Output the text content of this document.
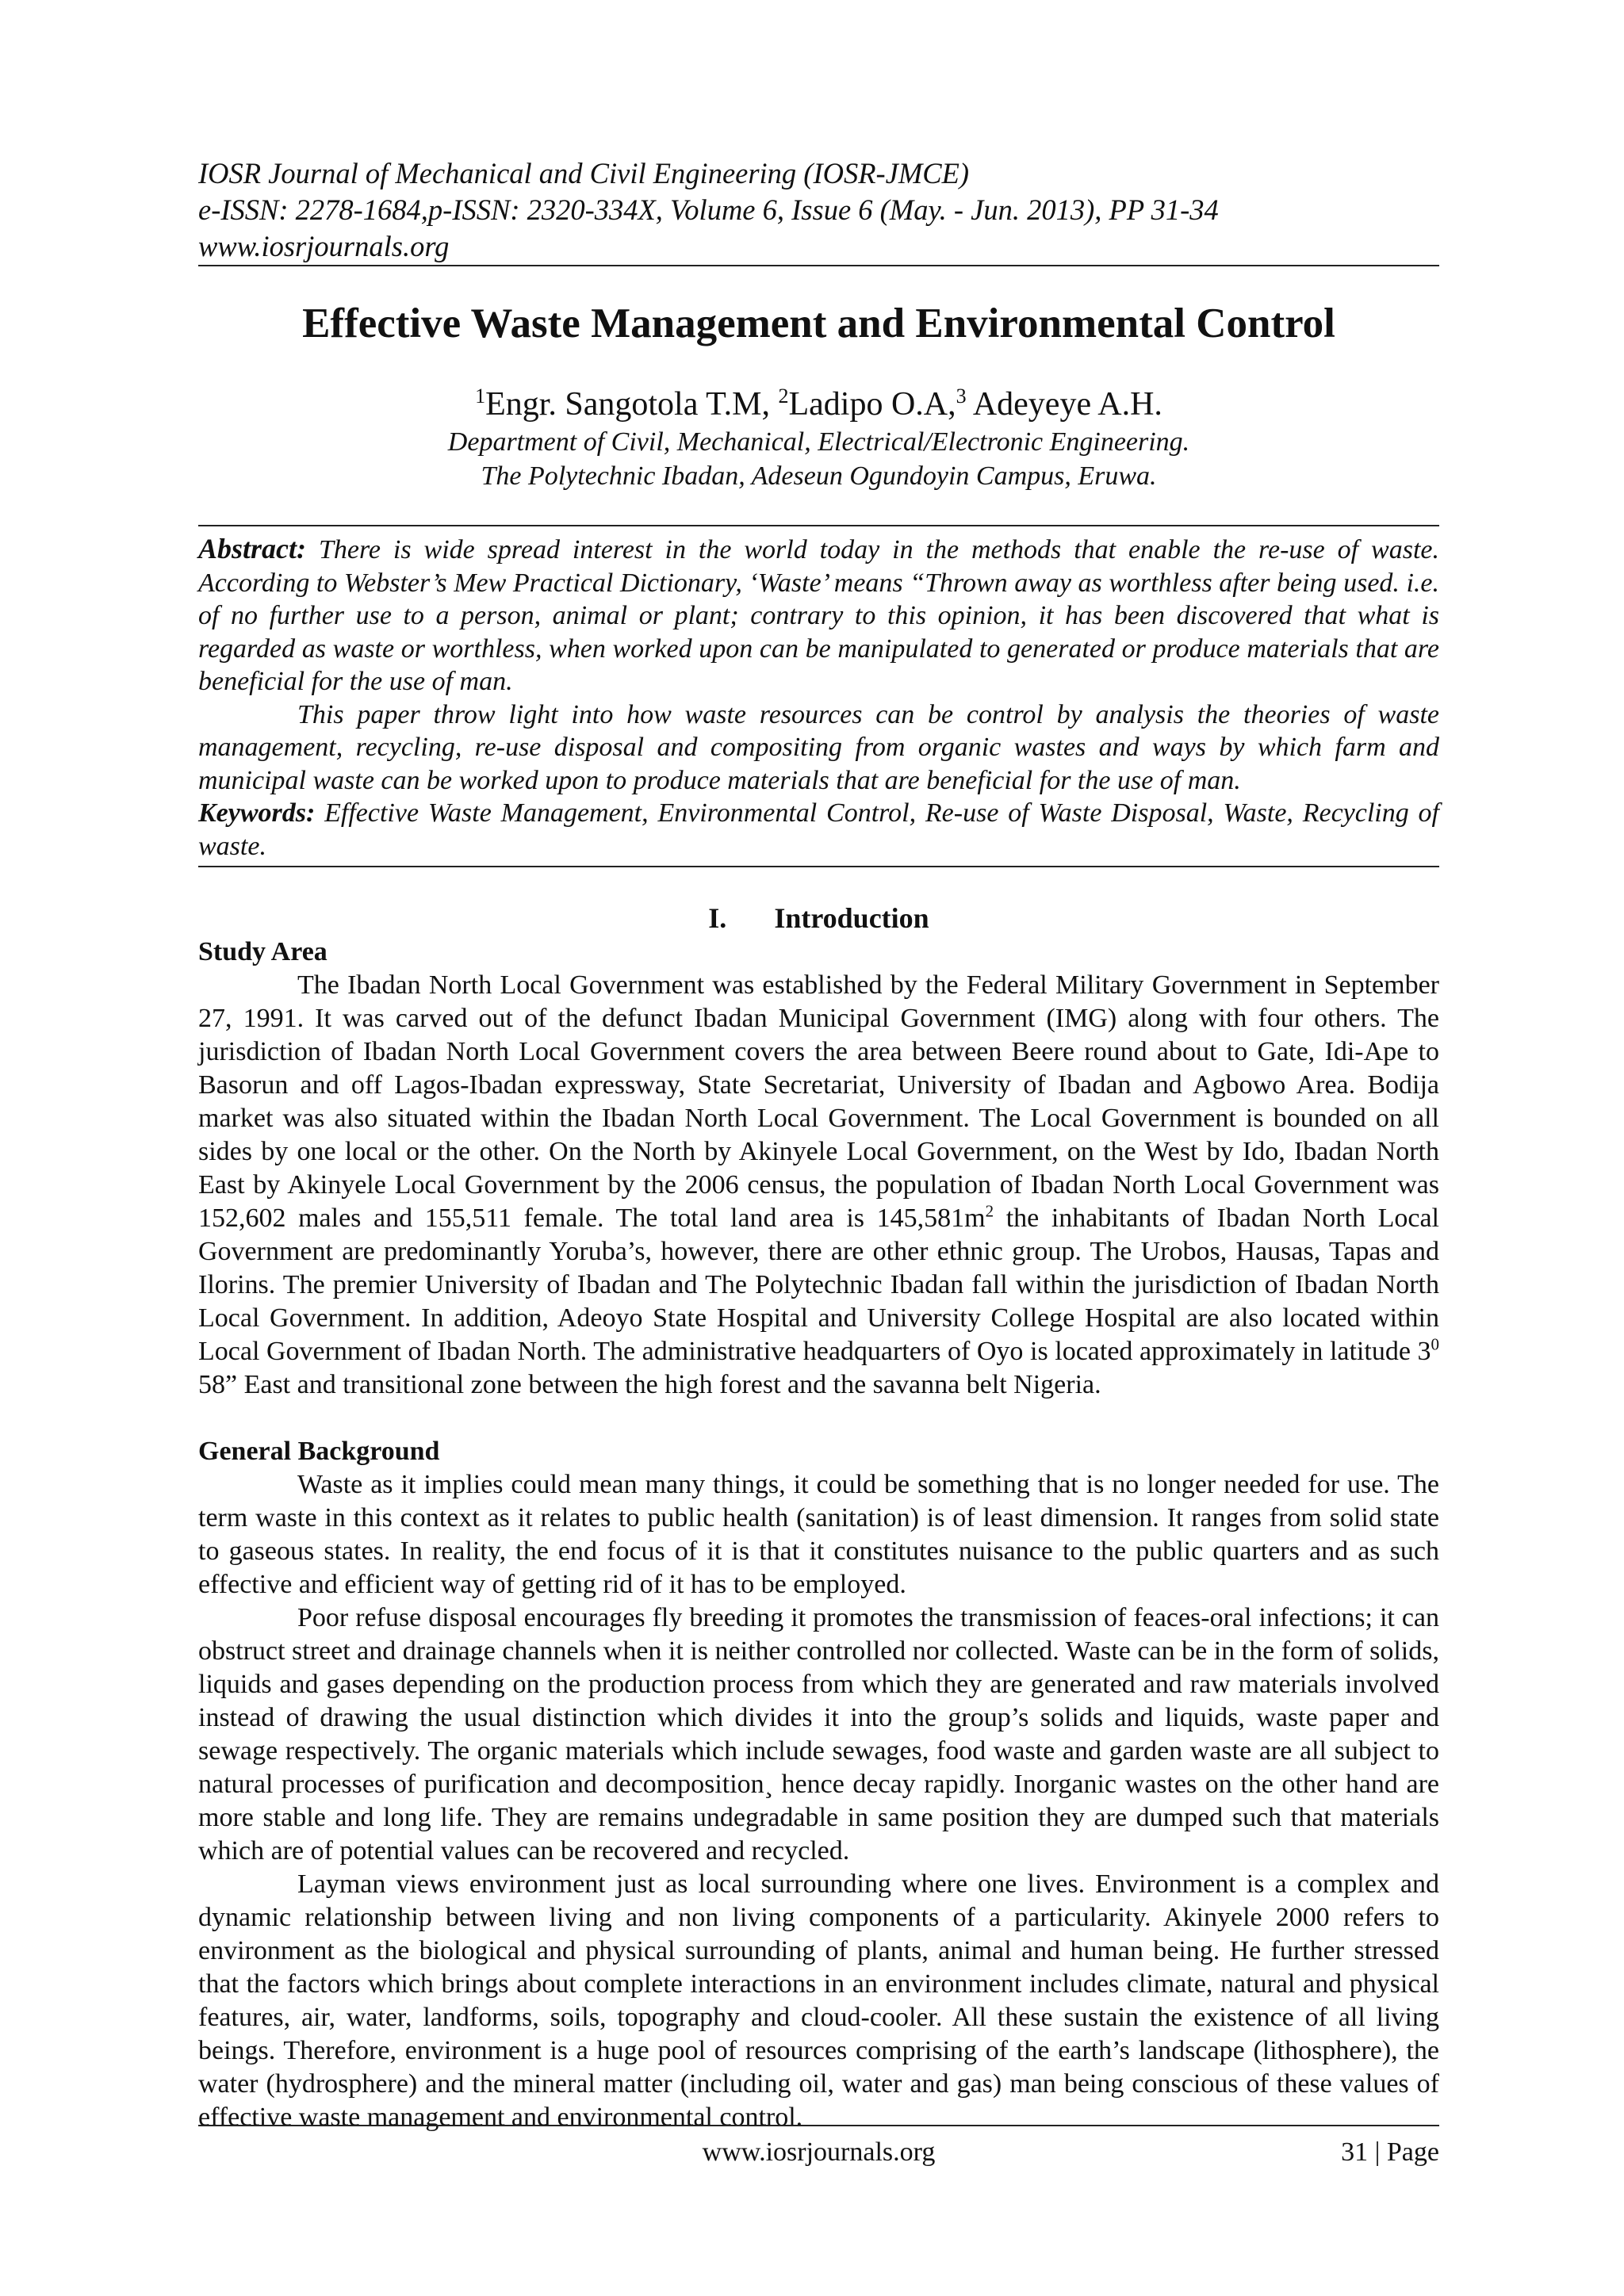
IOSR Journal of Mechanical and Civil Engineering (IOSR-JMCE)
e-ISSN: 2278-1684,p-ISSN: 2320-334X, Volume 6, Issue 6 (May. - Jun. 2013), PP 31-34
www.iosrjournals.org
Effective Waste Management and Environmental Control
$^1$Engr. Sangotola T.M, $^2$Ladipo O.A,$^3$ Adeyeye A.H.
Department of Civil, Mechanical, Electrical/Electronic Engineering.
The Polytechnic Ibadan, Adeseun Ogundoyin Campus, Eruwa.

Abstract: There is wide spread interest in the world today in the methods that enable the re-use of waste. According to Webster’s Mew Practical Dictionary, ‘Waste’ means “Thrown away as worthless after being used. i.e. of no further use to a person, animal or plant; contrary to this opinion, it has been discovered that what is regarded as waste or worthless, when worked upon can be manipulated to generated or produce materials that are beneficial for the use of man.

This paper throw light into how waste resources can be control by analysis the theories of waste management, recycling, re-use disposal and compositing from organic wastes and ways by which farm and municipal waste can be worked upon to produce materials that are beneficial for the use of man.

Keywords: Effective Waste Management, Environmental Control, Re-use of Waste Disposal, Waste, Recycling of waste.

I. Introduction
Study Area

The Ibadan North Local Government was established by the Federal Military Government in September 27, 1991. It was carved out of the defunct Ibadan Municipal Government (IMG) along with four others. The jurisdiction of Ibadan North Local Government covers the area between Beere round about to Gate, Idi-Ape to Basorun and off Lagos-Ibadan expressway, State Secretariat, University of Ibadan and Agbowo Area. Bodija market was also situated within the Ibadan North Local Government. The Local Government is bounded on all sides by one local or the other. On the North by Akinyele Local Government, on the West by Ido, Ibadan North East by Akinyele Local Government by the 2006 census, the population of Ibadan North Local Government was 152,602 males and 155,511 female. The total land area is $145,581m^2$ the inhabitants of Ibadan North Local Government are predominantly Yoruba’s, however, there are other ethnic group. The Urobos, Hausas, Tapas and Ilorins. The premier University of Ibadan and The Polytechnic Ibadan fall within the jurisdiction of Ibadan North Local Government. In addition, Adeoyo State Hospital and University College Hospital are also located within Local Government of Ibadan North. The administrative headquarters of Oyo is located approximately in latitude $3^0$ 58” East and transitional zone between the high forest and the savanna belt Nigeria.

General Background

Waste as it implies could mean many things, it could be something that is no longer needed for use. The term waste in this context as it relates to public health (sanitation) is of least dimension. It ranges from solid state to gaseous states. In reality, the end focus of it is that it constitutes nuisance to the public quarters and as such effective and efficient way of getting rid of it has to be employed.

Poor refuse disposal encourages fly breeding it promotes the transmission of feaces-oral infections; it can obstruct street and drainage channels when it is neither controlled nor collected. Waste can be in the form of solids, liquids and gases depending on the production process from which they are generated and raw materials involved instead of drawing the usual distinction which divides it into the group’s solids and liquids, waste paper and sewage respectively. The organic materials which include sewages, food waste and garden waste are all subject to natural processes of purification and decomposition¸ hence decay rapidly. Inorganic wastes on the other hand are more stable and long life. They are remains undegradable in same position they are dumped such that materials which are of potential values can be recovered and recycled.

Layman views environment just as local surrounding where one lives. Environment is a complex and dynamic relationship between living and non living components of a particularity. Akinyele 2000 refers to environment as the biological and physical surrounding of plants, animal and human being. He further stressed that the factors which brings about complete interactions in an environment includes climate, natural and physical features, air, water, landforms, soils, topography and cloud-cooler. All these sustain the existence of all living beings. Therefore, environment is a huge pool of resources comprising of the earth’s landscape (lithosphere), the water (hydrosphere) and the mineral matter (including oil, water and gas) man being conscious of these values of effective waste management and environmental control.

www.iosrjournals.org	31 | Page
